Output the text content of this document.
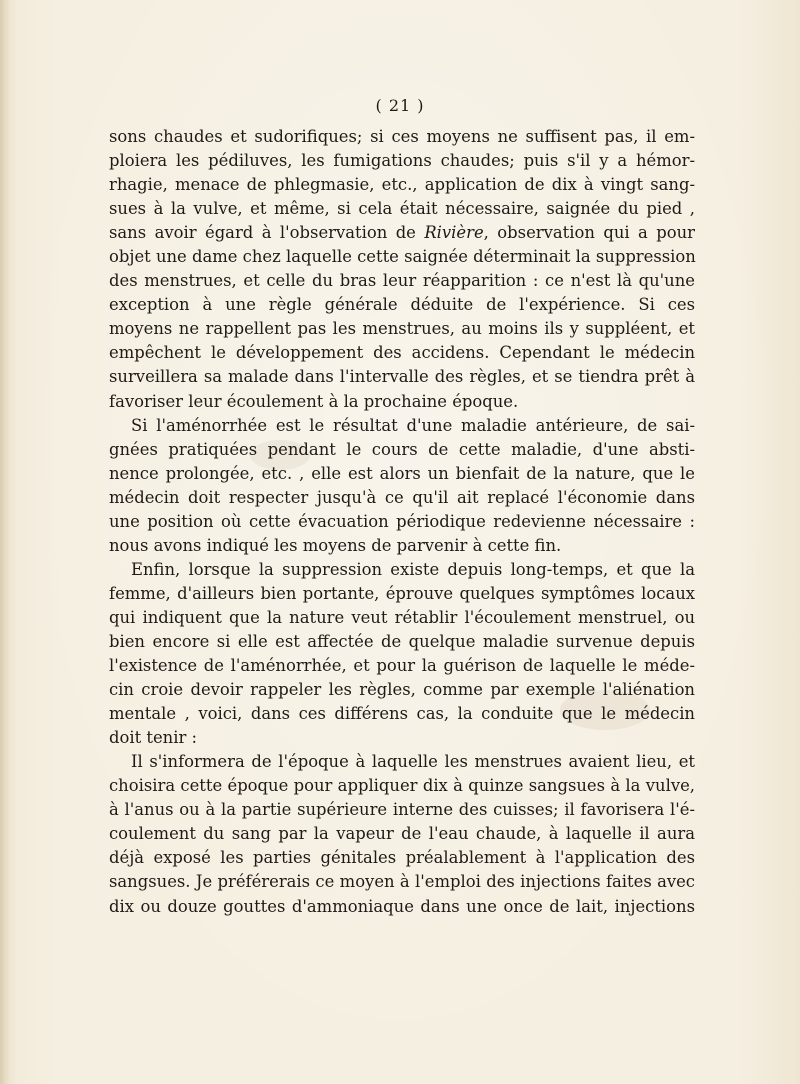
( 21 )
sons chaudes et sudorifiques; si ces moyens ne suffisent pas, il em-
ploiera les pédiluves, les fumigations chaudes; puis s'il y a hémor-
rhagie, menace de phlegmasie, etc., application de dix à vingt sang-
sues à la vulve, et même, si cela était nécessaire, saignée du pied ,
sans avoir égard à l'observation de Rivière, observation qui a pour
objet une dame chez laquelle cette saignée déterminait la suppression
des menstrues, et celle du bras leur réapparition : ce n'est là qu'une
exception à une règle générale déduite de l'expérience. Si ces
moyens ne rappellent pas les menstrues, au moins ils y suppléent, et
empêchent le développement des accidens. Cependant le médecin
surveillera sa malade dans l'intervalle des règles, et se tiendra prêt à
favoriser leur écoulement à la prochaine époque.
Si l'aménorrhée est le résultat d'une maladie antérieure, de sai-
gnées pratiquées pendant le cours de cette maladie, d'une absti-
nence prolongée, etc. , elle est alors un bienfait de la nature, que le
médecin doit respecter jusqu'à ce qu'il ait replacé l'économie dans
une position où cette évacuation périodique redevienne nécessaire :
nous avons indiqué les moyens de parvenir à cette fin.
Enfin, lorsque la suppression existe depuis long-temps, et que la
femme, d'ailleurs bien portante, éprouve quelques symptômes locaux
qui indiquent que la nature veut rétablir l'écoulement menstruel, ou
bien encore si elle est affectée de quelque maladie survenue depuis
l'existence de l'aménorrhée, et pour la guérison de laquelle le méde-
cin croie devoir rappeler les règles, comme par exemple l'aliénation
mentale , voici, dans ces différens cas, la conduite que le médecin
doit tenir :
Il s'informera de l'époque à laquelle les menstrues avaient lieu, et
choisira cette époque pour appliquer dix à quinze sangsues à la vulve,
à l'anus ou à la partie supérieure interne des cuisses; il favorisera l'é-
coulement du sang par la vapeur de l'eau chaude, à laquelle il aura
déjà exposé les parties génitales préalablement à l'application des
sangsues. Je préférerais ce moyen à l'emploi des injections faites avec
dix ou douze gouttes d'ammoniaque dans une once de lait, injections
